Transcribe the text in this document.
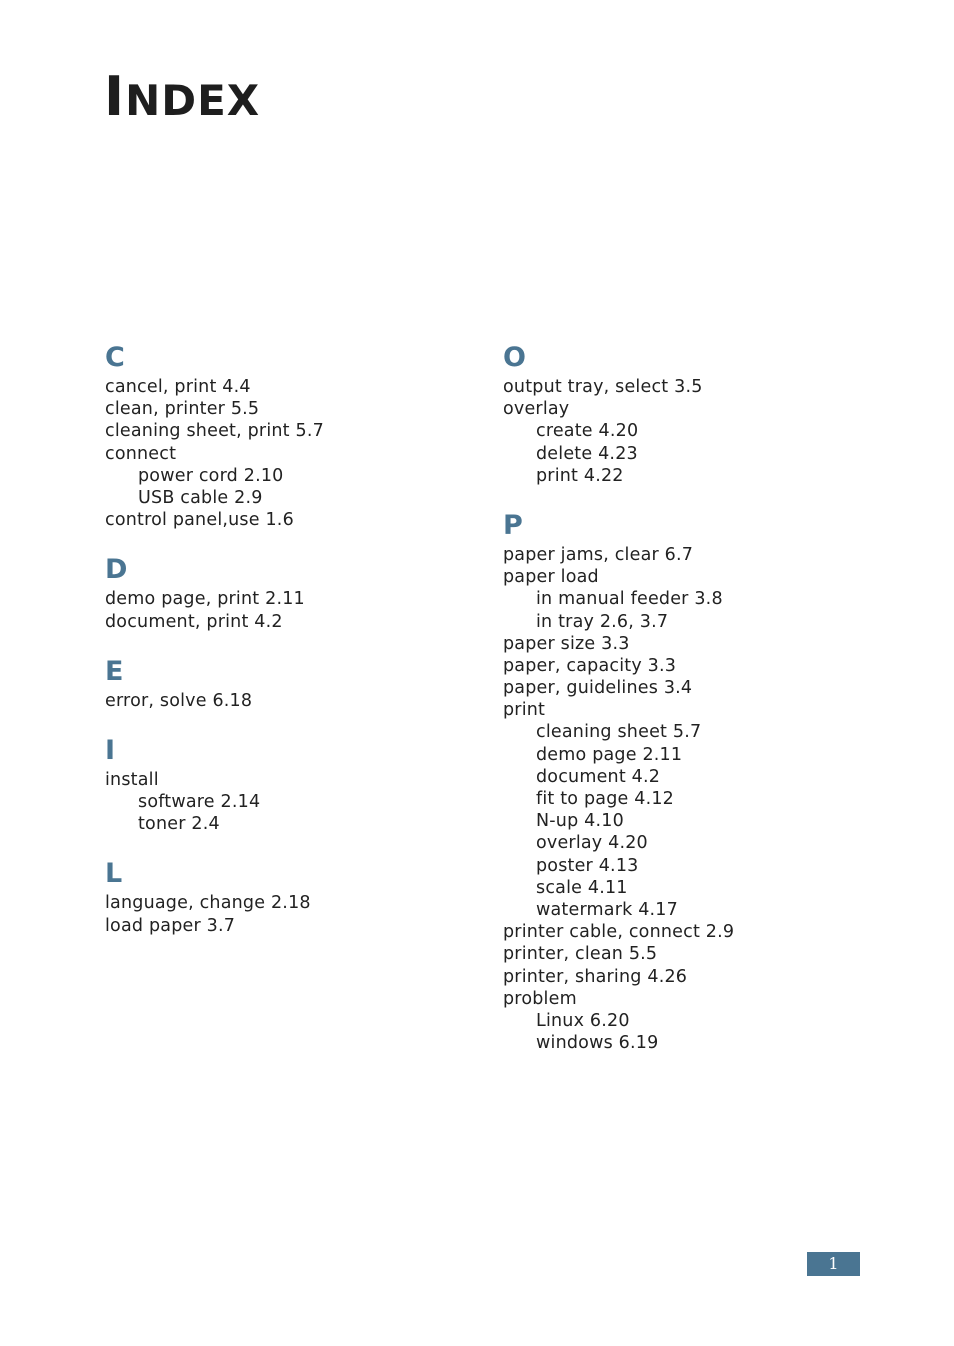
INDEX
C
cancel, print 4.4
clean, printer 5.5
cleaning sheet, print 5.7
connect
power cord 2.10
USB cable 2.9
control panel,use 1.6
D
demo page, print 2.11
document, print 4.2
E
error, solve 6.18
I
install
software 2.14
toner 2.4
L
language, change 2.18
load paper 3.7
O
output tray, select 3.5
overlay
create 4.20
delete 4.23
print 4.22
P
paper jams, clear 6.7
paper load
in manual feeder 3.8
in tray 2.6, 3.7
paper size 3.3
paper, capacity 3.3
paper, guidelines 3.4
print
cleaning sheet 5.7
demo page 2.11
document 4.2
fit to page 4.12
N-up 4.10
overlay 4.20
poster 4.13
scale 4.11
watermark 4.17
printer cable, connect 2.9
printer, clean 5.5
printer, sharing 4.26
problem
Linux 6.20
windows 6.19
1
